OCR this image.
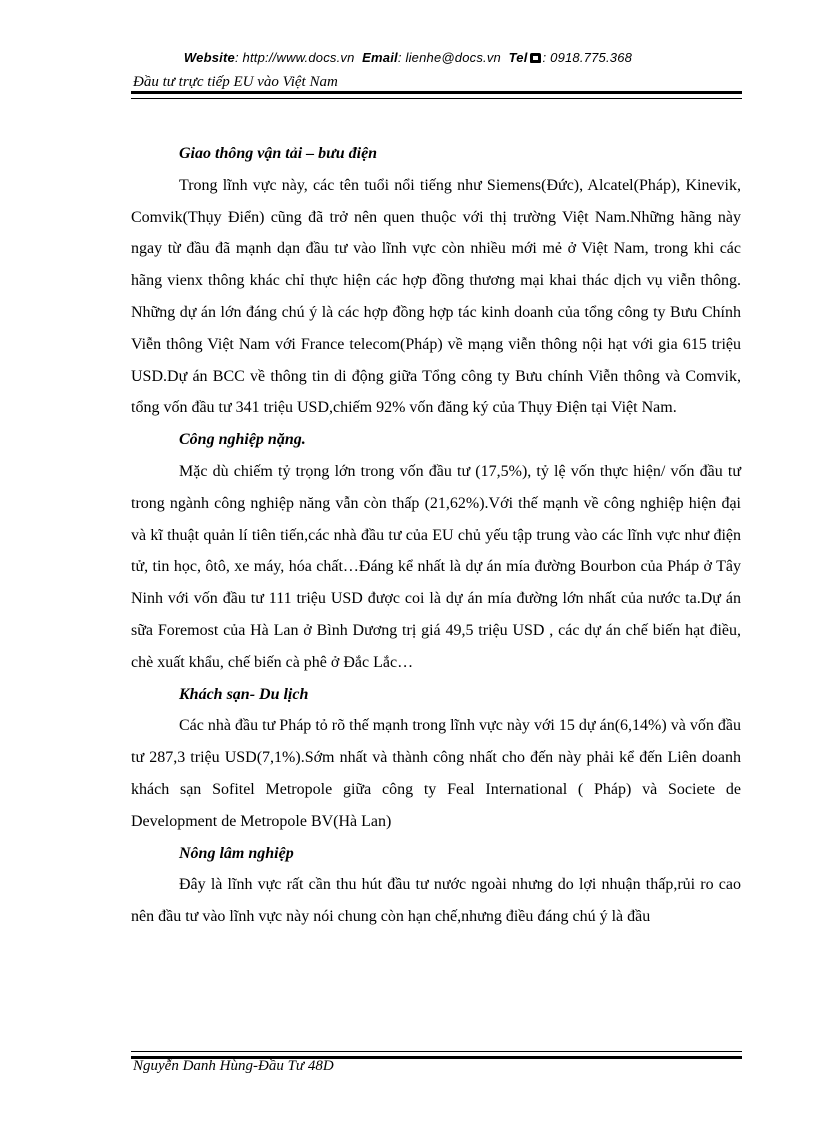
Website: http://www.docs.vn Email: lienhe@docs.vn Tel : 0918.775.368
Đầu tư trực tiếp EU vào Việt Nam
Giao thông vận tải – bưu điện

Trong lĩnh vực này, các tên tuổi nổi tiếng như Siemens(Đức), Alcatel(Pháp), Kinevik, Comvik(Thụy Điển) cũng đã trở nên quen thuộc với thị trường Việt Nam.Những hãng này ngay từ đầu đã mạnh dạn đầu tư vào lĩnh vực còn nhiều mới mẻ ở Việt Nam, trong khi các hãng vienx thông khác chỉ thực hiện các hợp đồng thương mại khai thác dịch vụ viễn thông. Những dự án lớn đáng chú ý là các hợp đồng hợp tác kinh doanh của tổng công ty Bưu Chính Viễn thông Việt Nam với France telecom(Pháp) về mạng viễn thông nội hạt với gia 615 triệu USD.Dự án BCC về thông tin di động giữa Tổng công ty Bưu chính Viễn thông và Comvik, tổng vốn đầu tư 341 triệu USD,chiếm 92% vốn đăng ký của Thụy Điện tại Việt Nam.

Công nghiệp nặng.

Mặc dù chiếm tỷ trọng lớn trong vốn đầu tư (17,5%), tỷ lệ vốn thực hiện/ vốn đầu tư trong ngành công nghiệp năng vẫn còn thấp (21,62%).Với thế mạnh về công nghiệp hiện đại và kĩ thuật quản lí tiên tiến,các nhà đầu tư của EU chủ yếu tập trung vào các lĩnh vực như điện tử, tin học, ôtô, xe máy, hóa chất…Đáng kể nhất là dự án mía đường Bourbon của Pháp ở Tây Ninh với vốn đầu tư 111 triệu USD được coi là dự án mía đường lớn nhất của nước ta.Dự án sữa Foremost của Hà Lan ở Bình Dương trị giá 49,5 triệu USD , các dự án chế biến hạt điều, chè xuất khẩu, chế biến cà phê ở Đắc Lắc…

Khách sạn- Du lịch

Các nhà đầu tư Pháp tỏ rõ thế mạnh trong lĩnh vực này với 15 dự án(6,14%) và vốn đầu tư 287,3 triệu USD(7,1%).Sớm nhất và thành công nhất cho đến này phải kể đến Liên doanh khách sạn Sofitel Metropole giữa công ty Feal International ( Pháp) và Societe de Development de Metropole BV(Hà Lan)

Nông lâm nghiệp

Đây là lĩnh vực rất cần thu hút đầu tư nước ngoài nhưng do lợi nhuận thấp,rủi ro cao nên đầu tư vào lĩnh vực này nói chung còn hạn chế,nhưng điều đáng chú ý là đầu

Nguyễn Danh Hùng-Đầu Tư 48D
